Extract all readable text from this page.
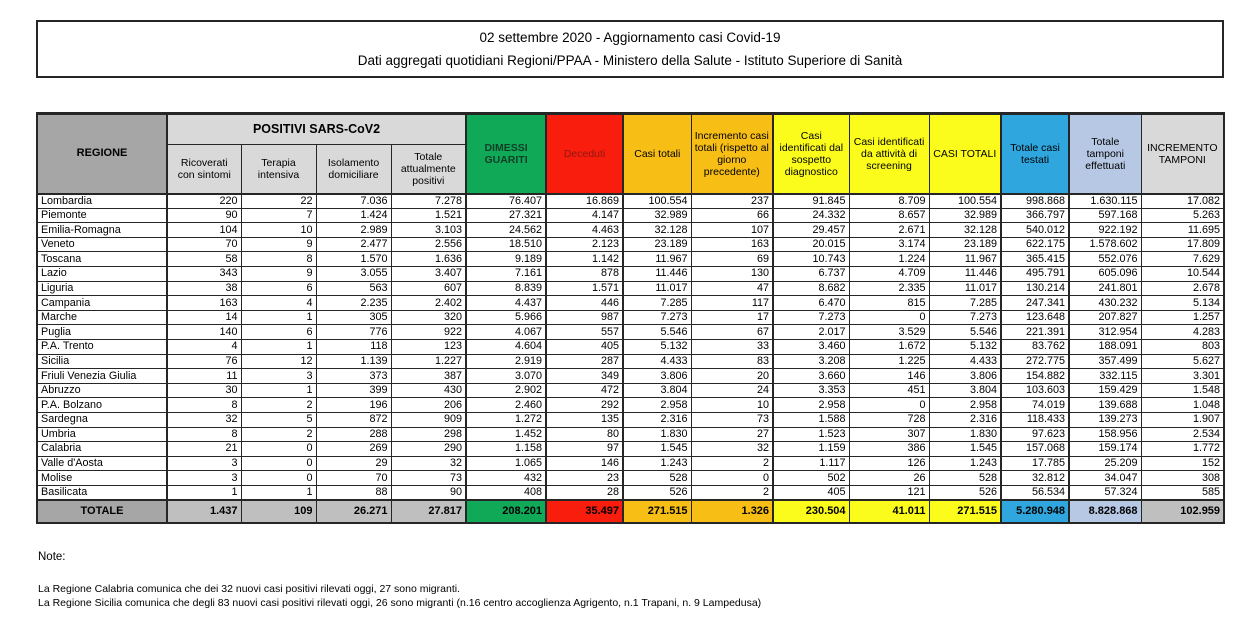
02 settembre 2020 - Aggiornamento casi Covid-19
Dati aggregati quotidiani Regioni/PPAA - Ministero della Salute - Istituto Superiore di Sanità
REGIONE	POSITIVI SARS-CoV2				DIMESSI GUARITI	Deceduti	Casi totali	Incremento casi totali (rispetto al giorno precedente)	Casi identificati dal sospetto diagnostico	Casi identificati da attività di screening	CASI TOTALI	Totale casi testati	Totale tamponi effettuati	INCREMENTO TAMPONI
	Ricoverati con sintomi	Terapia intensiva	Isolamento domiciliare	Totale attualmente positivi										
Lombardia	220	22	7.036	7.278	76.407	16.869	100.554	237	91.845	8.709	100.554	998.868	1.630.115	17.082
Piemonte	90	7	1.424	1.521	27.321	4.147	32.989	66	24.332	8.657	32.989	366.797	597.168	5.263
Emilia-Romagna	104	10	2.989	3.103	24.562	4.463	32.128	107	29.457	2.671	32.128	540.012	922.192	11.695
Veneto	70	9	2.477	2.556	18.510	2.123	23.189	163	20.015	3.174	23.189	622.175	1.578.602	17.809
Toscana	58	8	1.570	1.636	9.189	1.142	11.967	69	10.743	1.224	11.967	365.415	552.076	7.629
Lazio	343	9	3.055	3.407	7.161	878	11.446	130	6.737	4.709	11.446	495.791	605.096	10.544
Liguria	38	6	563	607	8.839	1.571	11.017	47	8.682	2.335	11.017	130.214	241.801	2.678
Campania	163	4	2.235	2.402	4.437	446	7.285	117	6.470	815	7.285	247.341	430.232	5.134
Marche	14	1	305	320	5.966	987	7.273	17	7.273	0	7.273	123.648	207.827	1.257
Puglia	140	6	776	922	4.067	557	5.546	67	2.017	3.529	5.546	221.391	312.954	4.283
P.A. Trento	4	1	118	123	4.604	405	5.132	33	3.460	1.672	5.132	83.762	188.091	803
Sicilia	76	12	1.139	1.227	2.919	287	4.433	83	3.208	1.225	4.433	272.775	357.499	5.627
Friuli Venezia Giulia	11	3	373	387	3.070	349	3.806	20	3.660	146	3.806	154.882	332.115	3.301
Abruzzo	30	1	399	430	2.902	472	3.804	24	3.353	451	3.804	103.603	159.429	1.548
P.A. Bolzano	8	2	196	206	2.460	292	2.958	10	2.958	0	2.958	74.019	139.688	1.048
Sardegna	32	5	872	909	1.272	135	2.316	73	1.588	728	2.316	118.433	139.273	1.907
Umbria	8	2	288	298	1.452	80	1.830	27	1.523	307	1.830	97.623	158.956	2.534
Calabria	21	0	269	290	1.158	97	1.545	32	1.159	386	1.545	157.068	159.174	1.772
Valle d'Aosta	3	0	29	32	1.065	146	1.243	2	1.117	126	1.243	17.785	25.209	152
Molise	3	0	70	73	432	23	528	0	502	26	528	32.812	34.047	308
Basilicata	1	1	88	90	408	28	526	2	405	121	526	56.534	57.324	585
TOTALE	1.437	109	26.271	27.817	208.201	35.497	271.515	1.326	230.504	41.011	271.515	5.280.948	8.828.868	102.959
Note:
La Regione Calabria comunica che dei 32 nuovi casi positivi rilevati oggi, 27 sono migranti.
La Regione Sicilia comunica che degli 83 nuovi casi positivi rilevati oggi, 26 sono migranti (n.16 centro accoglienza Agrigento, n.1 Trapani, n. 9 Lampedusa)
